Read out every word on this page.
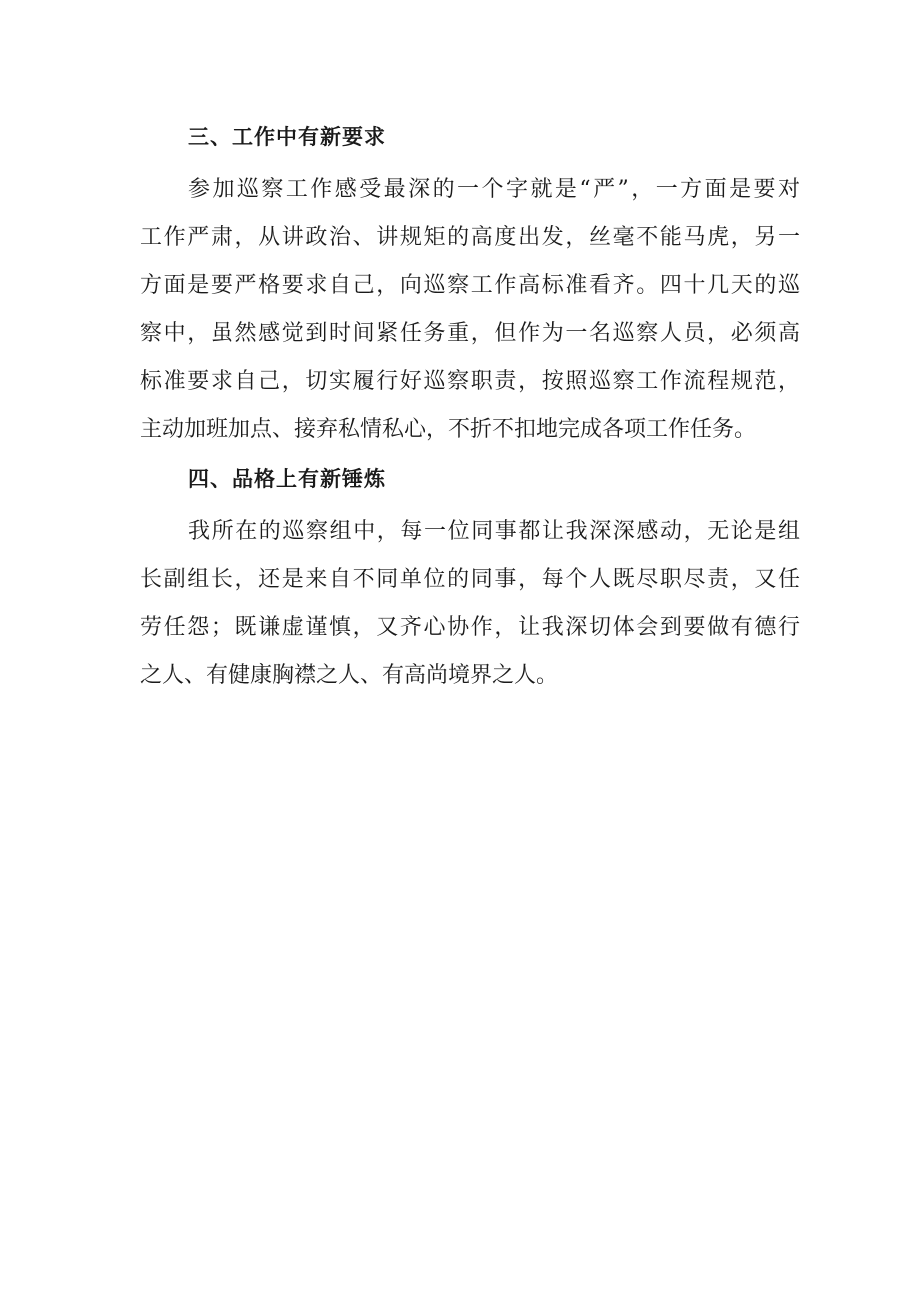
三、工作中有新要求

参加巡察工作感受最深的一个字就是“严”，一方面是要对
工作严肃，从讲政治、讲规矩的高度出发，丝毫不能马虎，另一
方面是要严格要求自己，向巡察工作高标准看齐。四十几天的巡
察中，虽然感觉到时间紧任务重，但作为一名巡察人员，必须高
标准要求自己，切实履行好巡察职责，按照巡察工作流程规范，
主动加班加点、接弃私情私心，不折不扣地完成各项工作任务。

四、品格上有新锤炼

我所在的巡察组中，每一位同事都让我深深感动，无论是组
长副组长，还是来自不同单位的同事，每个人既尽职尽责，又任
劳任怨；既谦虚谨慎，又齐心协作，让我深切体会到要做有德行
之人、有健康胸襟之人、有高尚境界之人。
